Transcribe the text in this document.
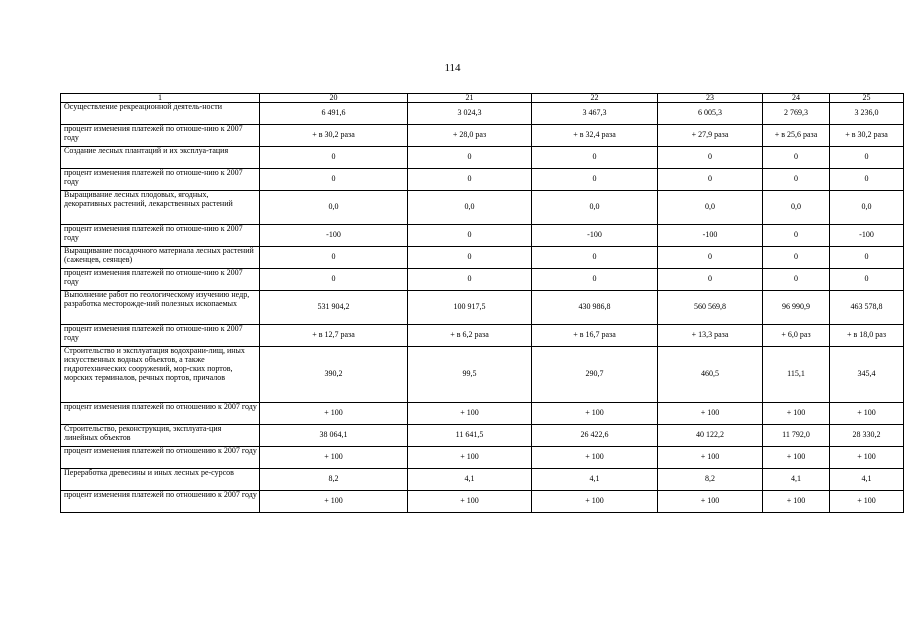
114
1	20	21	22	23	24	25
Осуществление рекреационной деятель-ности	6 491,6	3 024,3	3 467,3	6 005,3	2 769,3	3 236,0
процент изменения платежей по отноше-нию к 2007 году	+ в 30,2 раза	+ 28,0 раз	+ в 32,4 раза	+ 27,9 раза	+ в 25,6 раза	+ в 30,2 раза
Создание лесных плантаций и их эксплуа-тация	0	0	0	0	0	0
процент изменения платежей по отноше-нию к 2007 году	0	0	0	0	0	0
Выращивание лесных плодовых, ягодных, декоративных растений, лекарственных растений	0,0	0,0	0,0	0,0	0,0	0,0
процент изменения платежей по отноше-нию к 2007 году	-100	0	-100	-100	0	-100
Выращивание посадочного материала лесных растений (саженцев, сеянцев)	0	0	0	0	0	0
процент изменения платежей по отноше-нию к 2007 году	0	0	0	0	0	0
Выполнение работ по геологическому изучению недр, разработка месторожде-ний полезных ископаемых	531 904,2	100 917,5	430 986,8	560 569,8	96 990,9	463 578,8
процент изменения платежей по отноше-нию к 2007 году	+ в 12,7 раза	+ в 6,2 раза	+ в 16,7 раза	+ 13,3 раза	+ 6,0 раз	+ в 18,0 раз
Строительство и эксплуатация водохрани-лищ, иных искусственных водных объектов, а также гидротехнических сооружений, мор-ских портов, морских терминалов, речных портов, причалов	390,2	99,5	290,7	460,5	115,1	345,4
процент изменения платежей по отношению к 2007 году	+ 100	+ 100	+ 100	+ 100	+ 100	+ 100
Строительство, реконструкция, эксплуата-ция линейных объектов	38 064,1	11 641,5	26 422,6	40 122,2	11 792,0	28 330,2
процент изменения платежей по отношению к 2007 году	+ 100	+ 100	+ 100	+ 100	+ 100	+ 100
Переработка древесины и иных лесных ре-сурсов	8,2	4,1	4,1	8,2	4,1	4,1
процент изменения платежей по отношению к 2007 году	+ 100	+ 100	+ 100	+ 100	+ 100	+ 100
